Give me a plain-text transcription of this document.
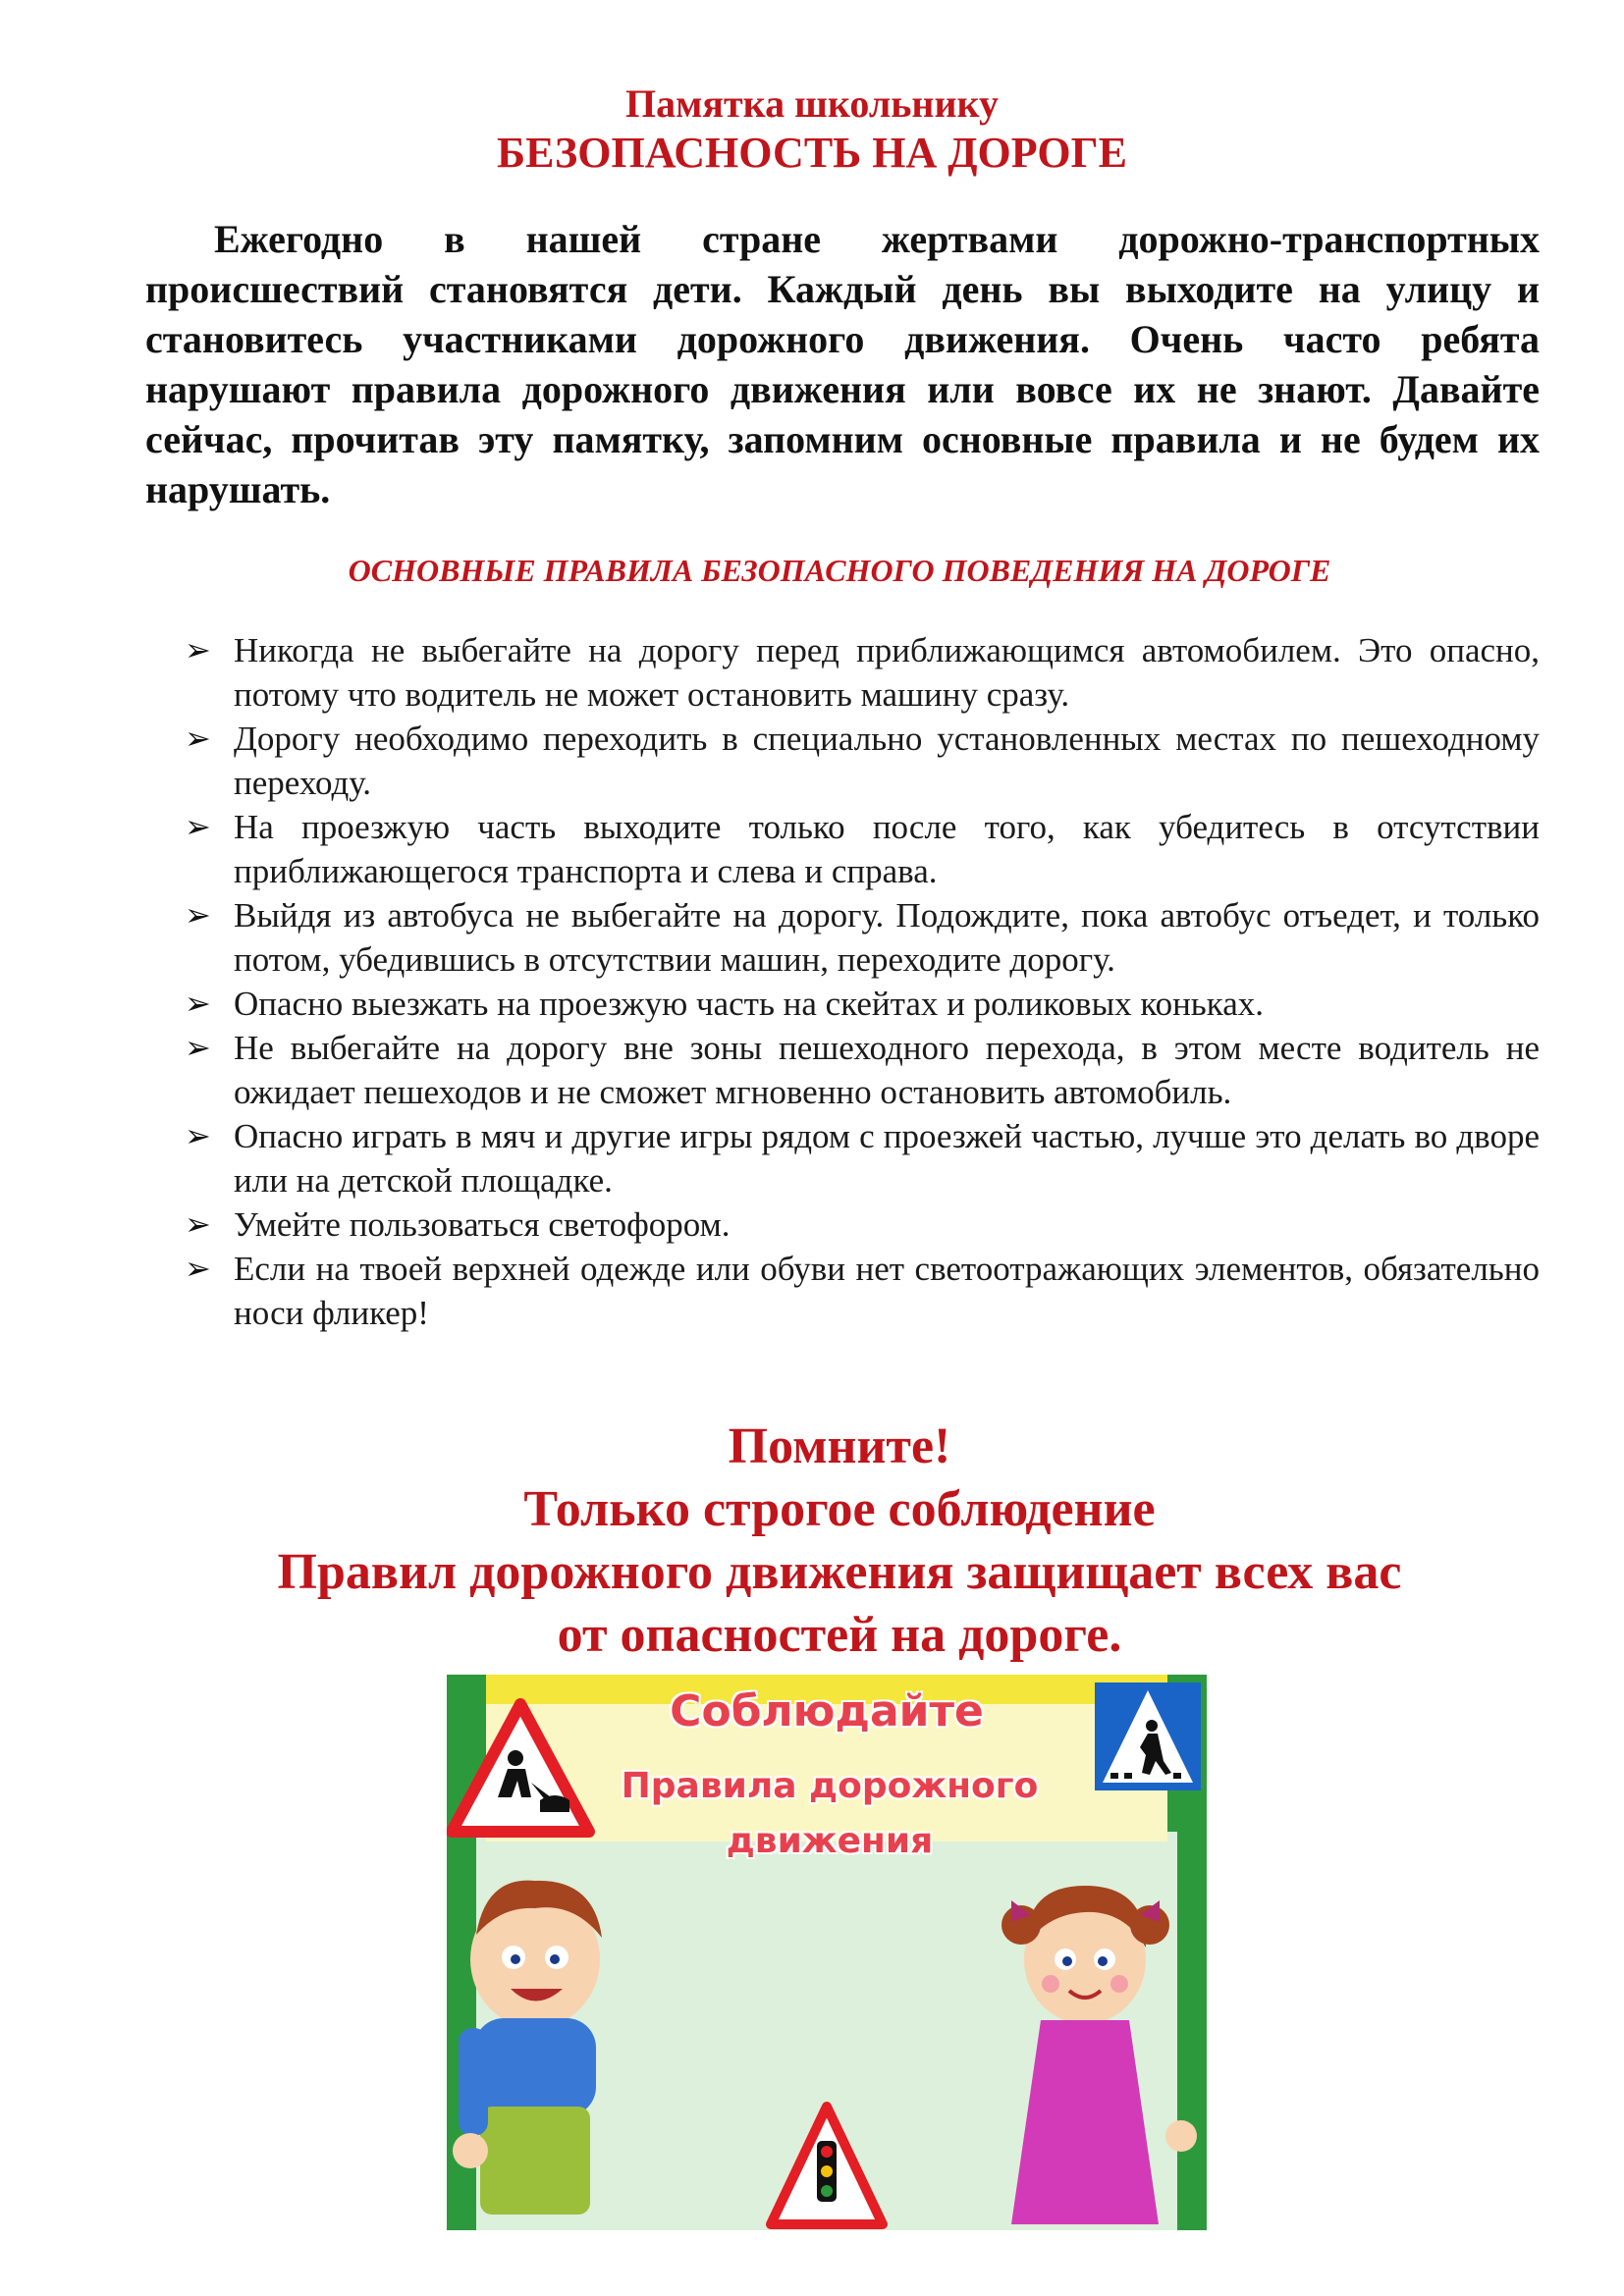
Памятка школьнику

БЕЗОПАСНОСТЬ НА ДОРОГЕ

Ежегодно в нашей стране жертвами дорожно-транспортных происшествий становятся дети. Каждый день вы выходите на улицу и становитесь участниками дорожного движения. Очень часто ребята нарушают правила дорожного движения или вовсе их не знают. Давайте сейчас, прочитав эту памятку, запомним основные правила и не будем их нарушать.

ОСНОВНЫЕ ПРАВИЛА БЕЗОПАСНОГО ПОВЕДЕНИЯ НА ДОРОГЕ

➢ Никогда не выбегайте на дорогу перед приближающимся автомобилем. Это опасно, потому что водитель не может остановить машину сразу.
➢ Дорогу необходимо переходить в специально установленных местах по пешеходному переходу.
➢ На проезжую часть выходите только после того, как убедитесь в отсутствии приближающегося транспорта и слева и справа.
➢ Выйдя из автобуса не выбегайте на дорогу. Подождите, пока автобус отъедет, и только потом, убедившись в отсутствии машин, переходите дорогу.
➢ Опасно выезжать на проезжую часть на скейтах и роликовых коньках.
➢ Не выбегайте на дорогу вне зоны пешеходного перехода, в этом месте водитель не ожидает пешеходов и не сможет мгновенно остановить автомобиль.
➢ Опасно играть в мяч и другие игры рядом с проезжей частью, лучше это делать во дворе или на детской площадке.
➢ Умейте пользоваться светофором.
➢ Если на твоей верхней одежде или обуви нет светоотражающих элементов, обязательно носи фликер!
Помните!
Только строгое соблюдение
Правил дорожного движения защищает всех вас
от опасностей на дороге.
Соблюдайте
Правила дорожного
движения
